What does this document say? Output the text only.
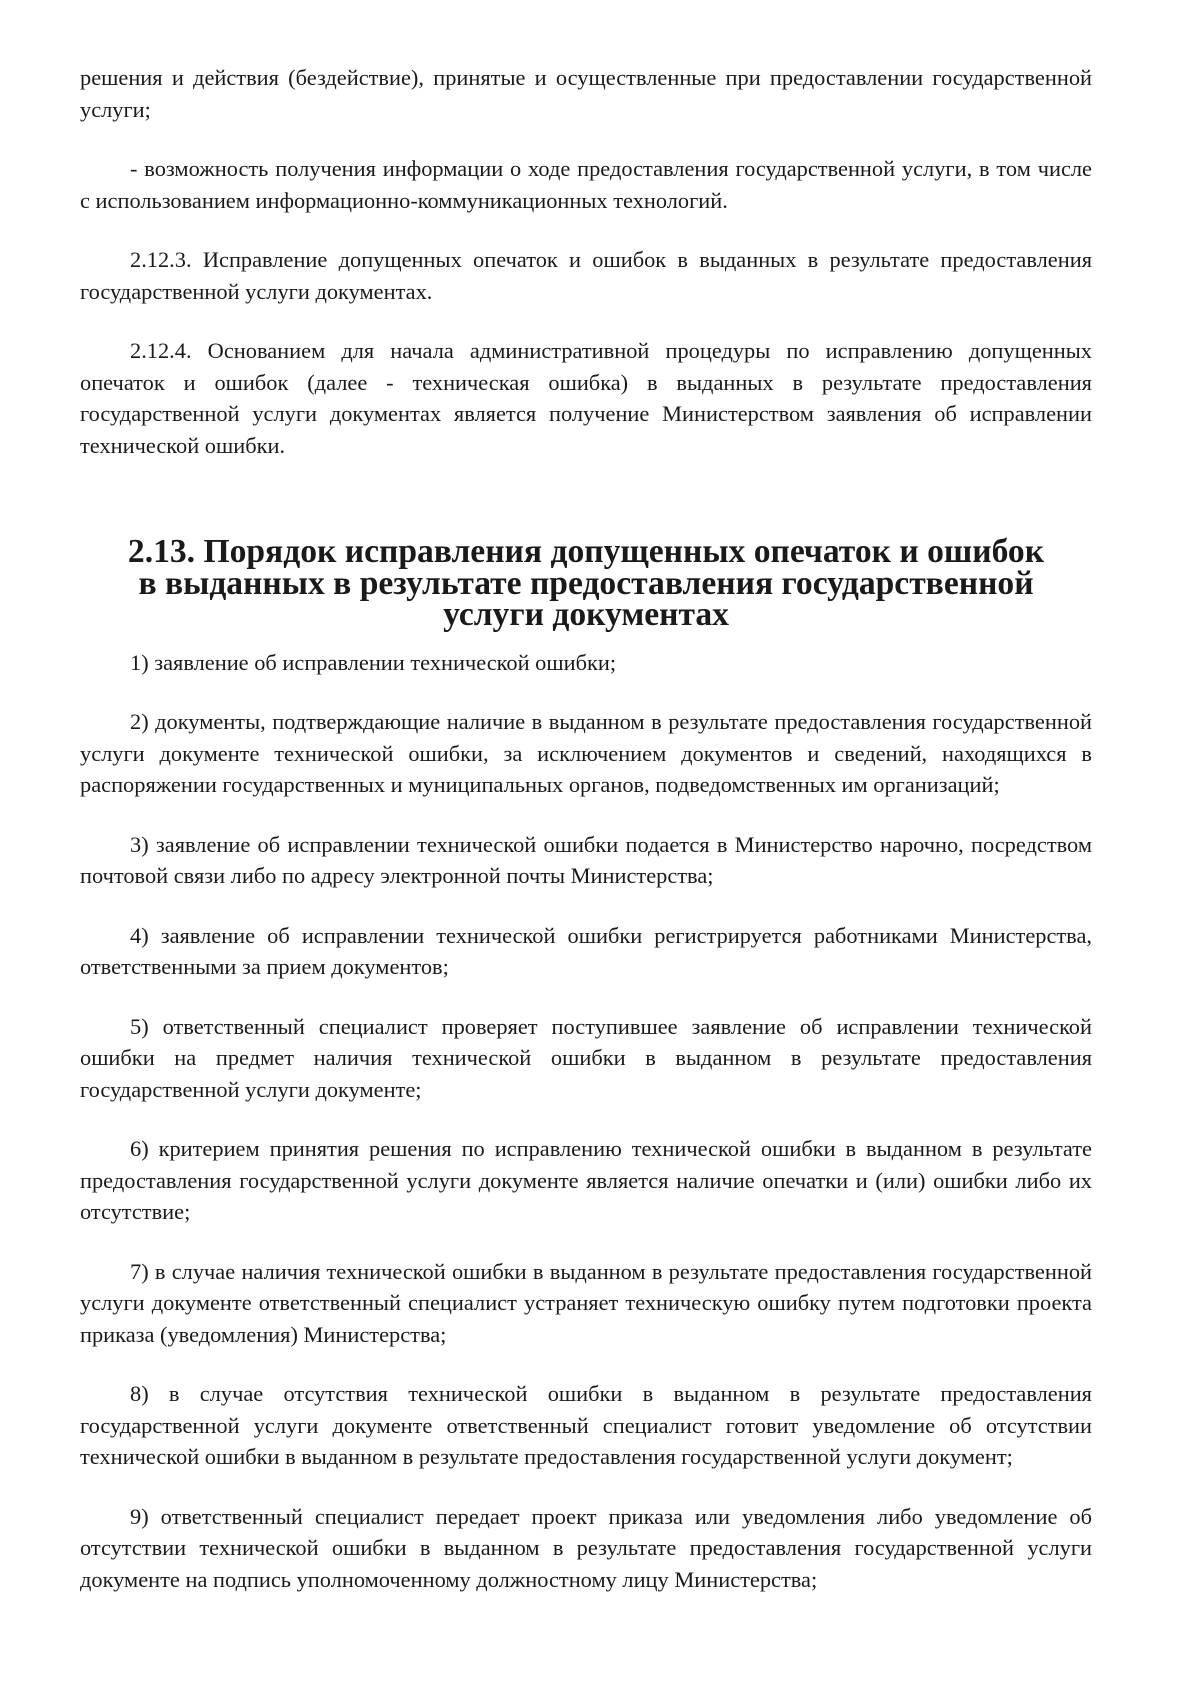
решения и действия (бездействие), принятые и осуществленные при предоставлении государственной услуги;

- возможность получения информации о ходе предоставления государственной услуги, в том числе с использованием информационно-коммуникационных технологий.

2.12.3. Исправление допущенных опечаток и ошибок в выданных в результате предоставления государственной услуги документах.

2.12.4. Основанием для начала административной процедуры по исправлению допущенных опечаток и ошибок (далее - техническая ошибка) в выданных в результате предоставления государственной услуги документах является получение Министерством заявления об исправлении технической ошибки.

2.13. Порядок исправления допущенных опечаток и ошибок в выданных в результате предоставления государственной услуги документах

1) заявление об исправлении технической ошибки;

2) документы, подтверждающие наличие в выданном в результате предоставления государственной услуги документе технической ошибки, за исключением документов и сведений, находящихся в распоряжении государственных и муниципальных органов, подведомственных им организаций;

3) заявление об исправлении технической ошибки подается в Министерство нарочно, посредством почтовой связи либо по адресу электронной почты Министерства;

4) заявление об исправлении технической ошибки регистрируется работниками Министерства, ответственными за прием документов;

5) ответственный специалист проверяет поступившее заявление об исправлении технической ошибки на предмет наличия технической ошибки в выданном в результате предоставления государственной услуги документе;

6) критерием принятия решения по исправлению технической ошибки в выданном в результате предоставления государственной услуги документе является наличие опечатки и (или) ошибки либо их отсутствие;

7) в случае наличия технической ошибки в выданном в результате предоставления государственной услуги документе ответственный специалист устраняет техническую ошибку путем подготовки проекта приказа (уведомления) Министерства;

8) в случае отсутствия технической ошибки в выданном в результате предоставления государственной услуги документе ответственный специалист готовит уведомление об отсутствии технической ошибки в выданном в результате предоставления государственной услуги документ;

9) ответственный специалист передает проект приказа или уведомления либо уведомление об отсутствии технической ошибки в выданном в результате предоставления государственной услуги документе на подпись уполномоченному должностному лицу Министерства;
